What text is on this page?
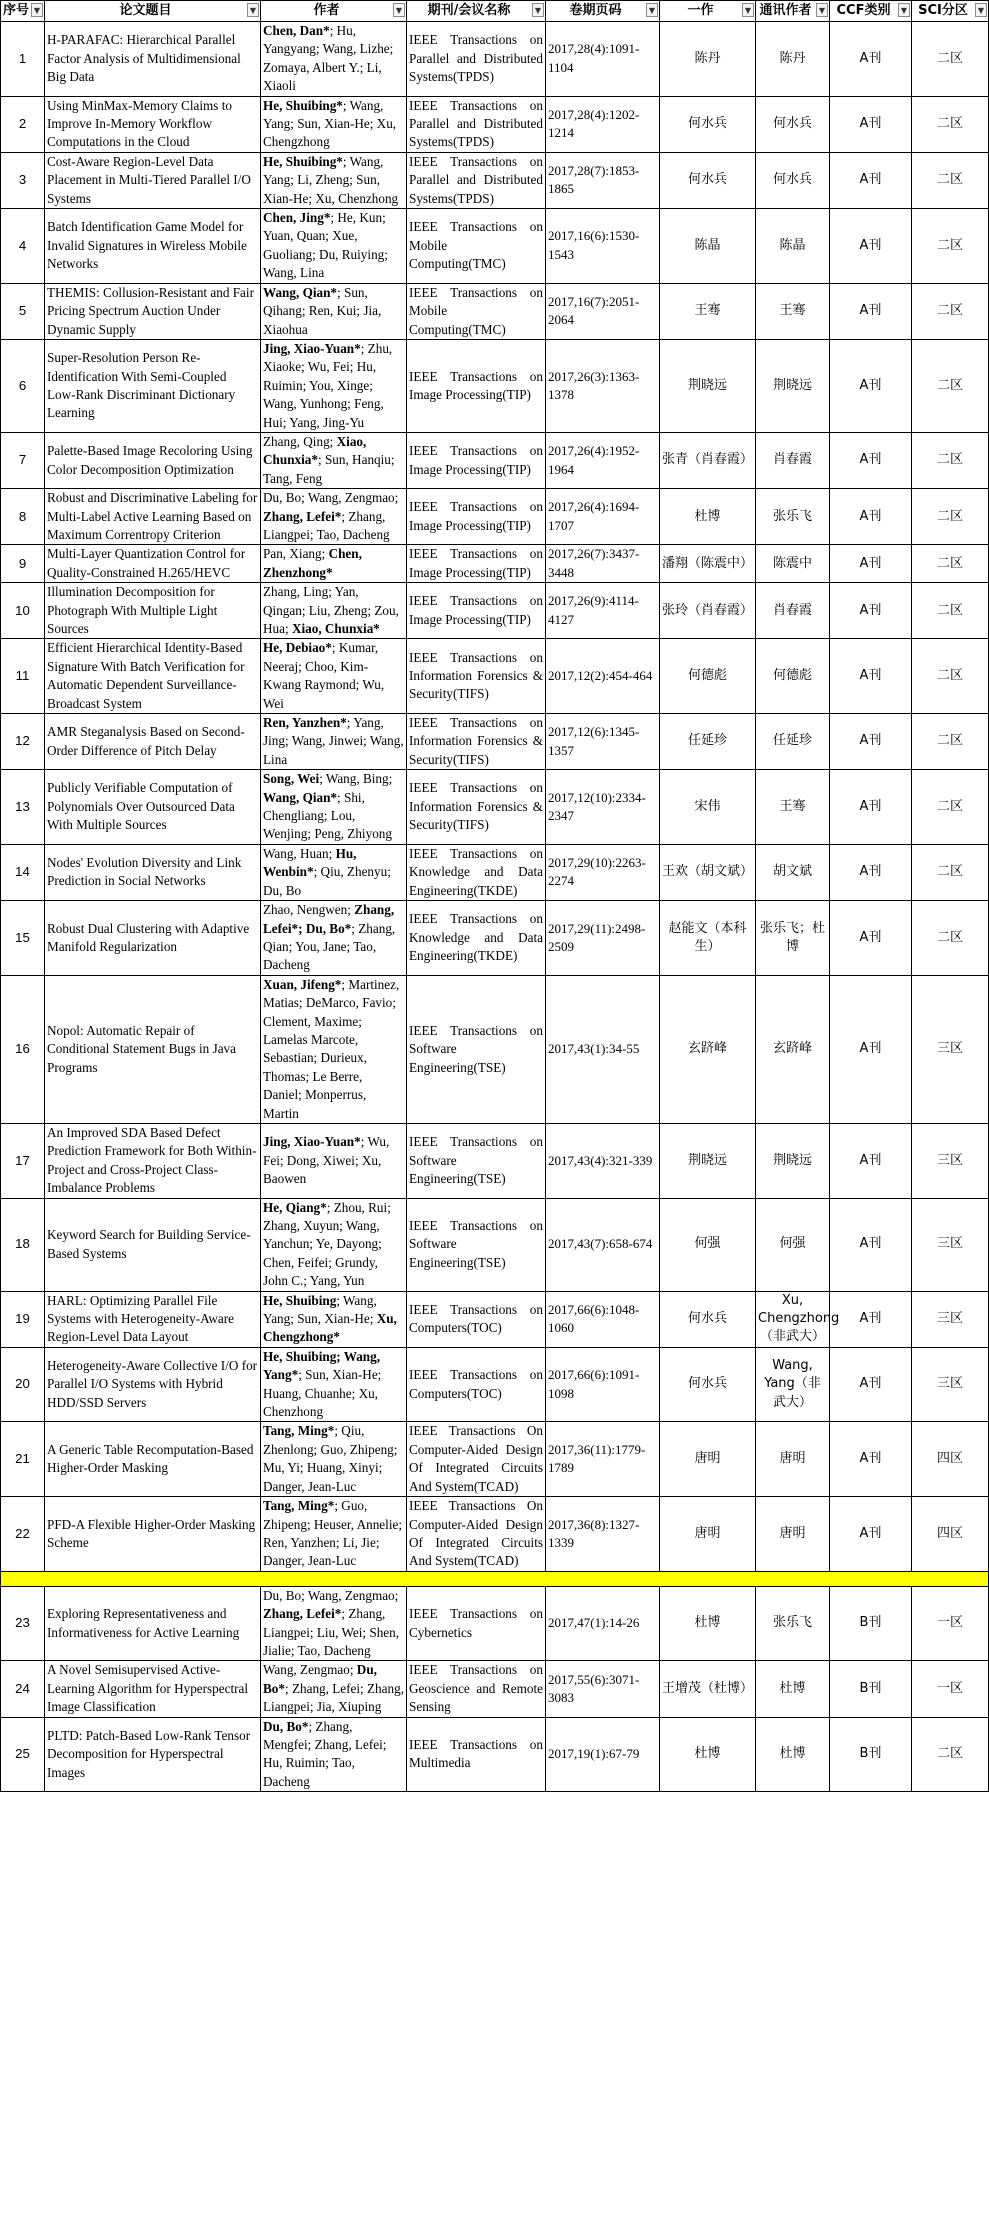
序号 ▼	论文题目 ▼	作者 ▼	期刊/会议名称 ▼	卷期页码 ▼	一作 ▼	通讯作者 ▼	CCF类别 ▼	SCI分区 ▼

1	H-PARAFAC: Hierarchical Parallel Factor Analysis of Multidimensional Big Data	Chen, Dan*; Hu, Yangyang; Wang, Lizhe; Zomaya, Albert Y.; Li, Xiaoli	IEEE Transactions on Parallel and Distributed Systems(TPDS)	2017,28(4):1091-1104	陈丹	陈丹	A刊	二区
2	Using MinMax-Memory Claims to Improve In-Memory Workflow Computations in the Cloud	He, Shuibing*; Wang, Yang; Sun, Xian-He; Xu, Chengzhong	IEEE Transactions on Parallel and Distributed Systems(TPDS)	2017,28(4):1202-1214	何水兵	何水兵	A刊	二区
3	Cost-Aware Region-Level Data Placement in Multi-Tiered Parallel I/O Systems	He, Shuibing*; Wang, Yang; Li, Zheng; Sun, Xian-He; Xu, Chenzhong	IEEE Transactions on Parallel and Distributed Systems(TPDS)	2017,28(7):1853-1865	何水兵	何水兵	A刊	二区
4	Batch Identification Game Model for Invalid Signatures in Wireless Mobile Networks	Chen, Jing*; He, Kun; Yuan, Quan; Xue, Guoliang; Du, Ruiying; Wang, Lina	IEEE Transactions on Mobile Computing(TMC)	2017,16(6):1530-1543	陈晶	陈晶	A刊	二区
5	THEMIS: Collusion-Resistant and Fair Pricing Spectrum Auction Under Dynamic Supply	Wang, Qian*; Sun, Qihang; Ren, Kui; Jia, Xiaohua	IEEE Transactions on Mobile Computing(TMC)	2017,16(7):2051-2064	王骞	王骞	A刊	二区
6	Super-Resolution Person Re-Identification With Semi-Coupled Low-Rank Discriminant Dictionary Learning	Jing, Xiao-Yuan*; Zhu, Xiaoke; Wu, Fei; Hu, Ruimin; You, Xinge; Wang, Yunhong; Feng, Hui; Yang, Jing-Yu	IEEE Transactions on Image Processing(TIP)	2017,26(3):1363-1378	荆晓远	荆晓远	A刊	二区
7	Palette-Based Image Recoloring Using Color Decomposition Optimization	Zhang, Qing; Xiao, Chunxia*; Sun, Hanqiu; Tang, Feng	IEEE Transactions on Image Processing(TIP)	2017,26(4):1952-1964	张青（肖春霞）	肖春霞	A刊	二区
8	Robust and Discriminative Labeling for Multi-Label Active Learning Based on Maximum Correntropy Criterion	Du, Bo; Wang, Zengmao; Zhang, Lefei*; Zhang, Liangpei; Tao, Dacheng	IEEE Transactions on Image Processing(TIP)	2017,26(4):1694-1707	杜博	张乐飞	A刊	二区
9	Multi-Layer Quantization Control for Quality-Constrained H.265/HEVC	Pan, Xiang; Chen, Zhenzhong*	IEEE Transactions on Image Processing(TIP)	2017,26(7):3437-3448	潘翔（陈震中）	陈震中	A刊	二区
10	Illumination Decomposition for Photograph With Multiple Light Sources	Zhang, Ling; Yan, Qingan; Liu, Zheng; Zou, Hua; Xiao, Chunxia*	IEEE Transactions on Image Processing(TIP)	2017,26(9):4114-4127	张玲（肖春霞）	肖春霞	A刊	二区
11	Efficient Hierarchical Identity-Based Signature With Batch Verification for Automatic Dependent Surveillance-Broadcast System	He, Debiao*; Kumar, Neeraj; Choo, Kim-Kwang Raymond; Wu, Wei	IEEE Transactions on Information Forensics & Security(TIFS)	2017,12(2):454-464	何德彪	何德彪	A刊	二区
12	AMR Steganalysis Based on Second-Order Difference of Pitch Delay	Ren, Yanzhen*; Yang, Jing; Wang, Jinwei; Wang, Lina	IEEE Transactions on Information Forensics & Security(TIFS)	2017,12(6):1345-1357	任延珍	任延珍	A刊	二区
13	Publicly Verifiable Computation of Polynomials Over Outsourced Data With Multiple Sources	Song, Wei; Wang, Bing; Wang, Qian*; Shi, Chengliang; Lou, Wenjing; Peng, Zhiyong	IEEE Transactions on Information Forensics & Security(TIFS)	2017,12(10):2334-2347	宋伟	王骞	A刊	二区
14	Nodes' Evolution Diversity and Link Prediction in Social Networks	Wang, Huan; Hu, Wenbin*; Qiu, Zhenyu; Du, Bo	IEEE Transactions on Knowledge and Data Engineering(TKDE)	2017,29(10):2263-2274	王欢（胡文斌）	胡文斌	A刊	二区
15	Robust Dual Clustering with Adaptive Manifold Regularization	Zhao, Nengwen; Zhang, Lefei*; Du, Bo*; Zhang, Qian; You, Jane; Tao, Dacheng	IEEE Transactions on Knowledge and Data Engineering(TKDE)	2017,29(11):2498-2509	赵能文（本科生）	张乐飞；杜博	A刊	二区
16	Nopol: Automatic Repair of Conditional Statement Bugs in Java Programs	Xuan, Jifeng*; Martinez, Matias; DeMarco, Favio; Clement, Maxime; Lamelas Marcote, Sebastian; Durieux, Thomas; Le Berre, Daniel; Monperrus, Martin	IEEE Transactions on Software Engineering(TSE)	2017,43(1):34-55	玄跻峰	玄跻峰	A刊	三区
17	An Improved SDA Based Defect Prediction Framework for Both Within-Project and Cross-Project Class-Imbalance Problems	Jing, Xiao-Yuan*; Wu, Fei; Dong, Xiwei; Xu, Baowen	IEEE Transactions on Software Engineering(TSE)	2017,43(4):321-339	荆晓远	荆晓远	A刊	三区
18	Keyword Search for Building Service-Based Systems	He, Qiang*; Zhou, Rui; Zhang, Xuyun; Wang, Yanchun; Ye, Dayong; Chen, Feifei; Grundy, John C.; Yang, Yun	IEEE Transactions on Software Engineering(TSE)	2017,43(7):658-674	何强	何强	A刊	三区
19	HARL: Optimizing Parallel File Systems with Heterogeneity-Aware Region-Level Data Layout	He, Shuibing; Wang, Yang; Sun, Xian-He; Xu, Chengzhong*	IEEE Transactions on Computers(TOC)	2017,66(6):1048-1060	何水兵	Xu, Chengzhong（非武大）	A刊	三区
20	Heterogeneity-Aware Collective I/O for Parallel I/O Systems with Hybrid HDD/SSD Servers	He, Shuibing; Wang, Yang*; Sun, Xian-He; Huang, Chuanhe; Xu, Chenzhong	IEEE Transactions on Computers(TOC)	2017,66(6):1091-1098	何水兵	Wang, Yang（非武大）	A刊	三区
21	A Generic Table Recomputation-Based Higher-Order Masking	Tang, Ming*; Qiu, Zhenlong; Guo, Zhipeng; Mu, Yi; Huang, Xinyi; Danger, Jean-Luc	IEEE Transactions On Computer-Aided Design Of Integrated Circuits And System(TCAD)	2017,36(11):1779-1789	唐明	唐明	A刊	四区
22	PFD-A Flexible Higher-Order Masking Scheme	Tang, Ming*; Guo, Zhipeng; Heuser, Annelie; Ren, Yanzhen; Li, Jie; Danger, Jean-Luc	IEEE Transactions On Computer-Aided Design Of Integrated Circuits And System(TCAD)	2017,36(8):1327-1339	唐明	唐明	A刊	四区

23	Exploring Representativeness and Informativeness for Active Learning	Du, Bo; Wang, Zengmao; Zhang, Lefei*; Zhang, Liangpei; Liu, Wei; Shen, Jialie; Tao, Dacheng	IEEE Transactions on Cybernetics	2017,47(1):14-26	杜博	张乐飞	B刊	一区
24	A Novel Semisupervised Active-Learning Algorithm for Hyperspectral Image Classification	Wang, Zengmao; Du, Bo*; Zhang, Lefei; Zhang, Liangpei; Jia, Xiuping	IEEE Transactions on Geoscience and Remote Sensing	2017,55(6):3071-3083	王增茂（杜博）	杜博	B刊	一区
25	PLTD: Patch-Based Low-Rank Tensor Decomposition for Hyperspectral Images	Du, Bo*; Zhang, Mengfei; Zhang, Lefei; Hu, Ruimin; Tao, Dacheng	IEEE Transactions on Multimedia	2017,19(1):67-79	杜博	杜博	B刊	二区
